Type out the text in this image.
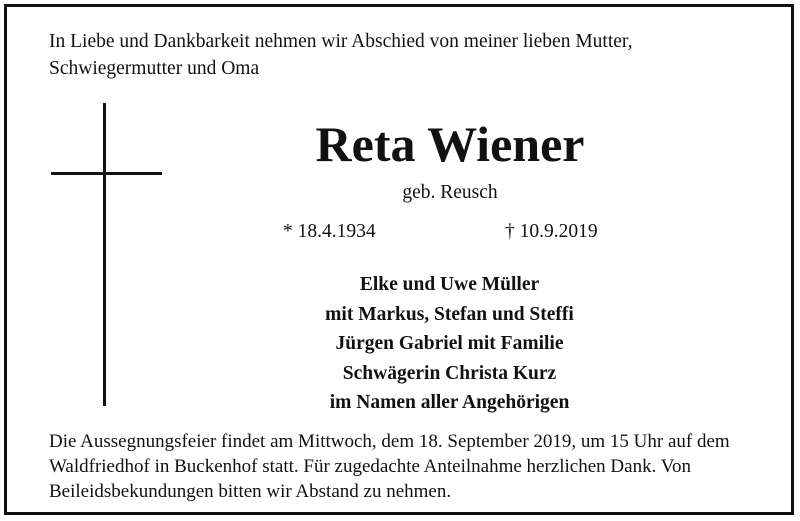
In Liebe und Dankbarkeit nehmen wir Abschied von meiner lieben Mutter, Schwiegermutter und Oma
Reta Wiener
geb. Reusch
* 18.4.1934	† 10.9.2019
Elke und Uwe Müller
mit Markus, Stefan und Steffi
Jürgen Gabriel mit Familie
Schwägerin Christa Kurz
im Namen aller Angehörigen
Die Aussegnungsfeier findet am Mittwoch, dem 18. September 2019, um 15 Uhr auf dem Waldfriedhof in Buckenhof statt. Für zugedachte Anteilnahme herzlichen Dank. Von Beileidsbekundungen bitten wir Abstand zu nehmen.
